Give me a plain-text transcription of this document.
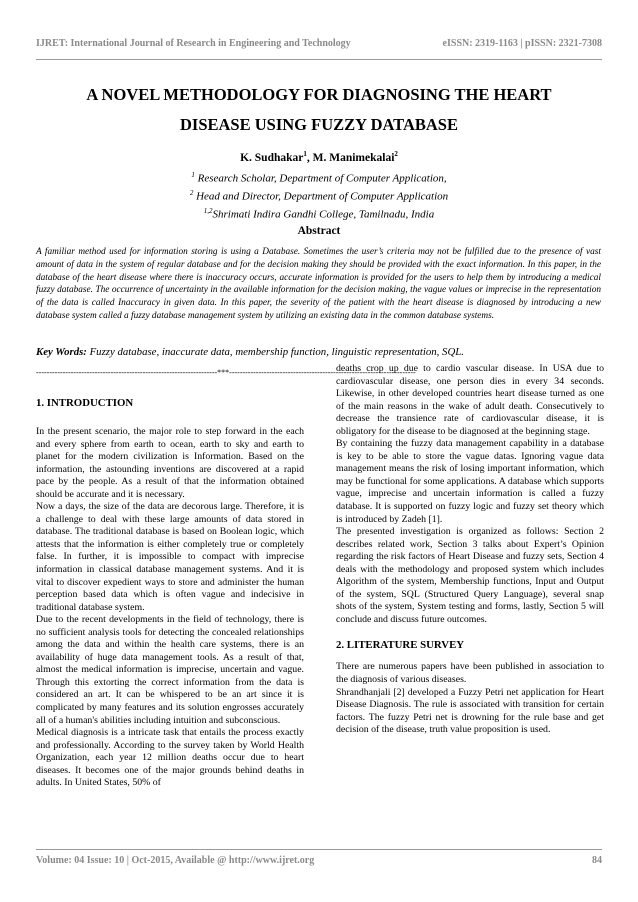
IJRET: International Journal of Research in Engineering and Technology	eISSN: 2319-1163 | pISSN: 2321-7308
A NOVEL METHODOLOGY FOR DIAGNOSING THE HEART
DISEASE USING FUZZY DATABASE
K. Sudhakar$^1$, M. Manimekalai$^2$
$^1$ Research Scholar, Department of Computer Application,
$^2$ Head and Director, Department of Computer Application
$^{1,2}$Shrimati Indira Gandhi College, Tamilnadu, India
Abstract

A familiar method used for information storing is using a Database. Sometimes the user’s criteria may not be fulfilled due to the presence of vast amount of data in the system of regular database and for the decision making they should be provided with the exact information. In this paper, in the database of the heart disease where there is inaccuracy occurs, accurate information is provided for the users to help them by introducing a medical fuzzy database. The occurrence of uncertainty in the available information for the decision making, the vague values or imprecise in the representation of the data is called Inaccuracy in given data. In this paper, the severity of the patient with the heart disease is diagnosed by introducing a new database system called a fuzzy database management system by utilizing an existing data in the common database systems.

Key Words: Fuzzy database, inaccurate data, membership function, linguistic representation, SQL.
--------------------------------------------------------------------***----------------------------------------------------------------------
1. INTRODUCTION

In the present scenario, the major role to step forward in the each and every sphere from earth to ocean, earth to sky and earth to planet for the modern civilization is Information. Based on the information, the astounding inventions are discovered at a rapid pace by the people. As a result of that the information obtained should be accurate and it is necessary.

Now a days, the size of the data are decorous large. Therefore, it is a challenge to deal with these large amounts of data stored in database. The traditional database is based on Boolean logic, which attests that the information is either completely true or completely false. In further, it is impossible to compact with imprecise information in classical database management systems. And it is vital to discover expedient ways to store and administer the human perception based data which is often vague and indecisive in traditional database system.

Due to the recent developments in the field of technology, there is no sufficient analysis tools for detecting the concealed relationships among the data and within the health care systems, there is an availability of huge data management tools. As a result of that, almost the medical information is imprecise, uncertain and vague. Through this extorting the correct information from the data is considered an art. It can be whispered to be an art since it is complicated by many features and its solution engrosses accurately all of a human's abilities including intuition and subconscious.

Medical diagnosis is a intricate task that entails the process exactly and professionally. According to the survey taken by World Health Organization, each year 12 million deaths occur due to heart diseases. It becomes one of the major grounds behind deaths in adults. In United States, 50% of

deaths crop up due to cardio vascular disease. In USA due to cardiovascular disease, one person dies in every 34 seconds. Likewise, in other developed countries heart disease turned as one of the main reasons in the wake of adult death. Consecutively to decrease the transience rate of cardiovascular disease, it is obligatory for the disease to be diagnosed at the beginning stage.

By containing the fuzzy data management capability in a database is key to be able to store the vague datas. Ignoring vague data management means the risk of losing important information, which may be functional for some applications. A database which supports vague, imprecise and uncertain information is called a fuzzy database. It is supported on fuzzy logic and fuzzy set theory which is introduced by Zadeh [1].

The presented investigation is organized as follows: Section 2 describes related work, Section 3 talks about Expert’s Opinion regarding the risk factors of Heart Disease and fuzzy sets, Section 4 deals with the methodology and proposed system which includes Algorithm of the system, Membership functions, Input and Output of the system, SQL (Structured Query Language), several snap shots of the system, System testing and forms, lastly, Section 5 will conclude and discuss future outcomes.

2. LITERATURE SURVEY

There are numerous papers have been published in association to the diagnosis of various diseases.

Shrandhanjali [2] developed a Fuzzy Petri net application for Heart Disease Diagnosis. The rule is associated with transition for certain factors. The fuzzy Petri net is drowning for the rule base and get decision of the disease, truth value proposition is used.

Volume: 04 Issue: 10 | Oct-2015, Available @ http://www.ijret.org	84
